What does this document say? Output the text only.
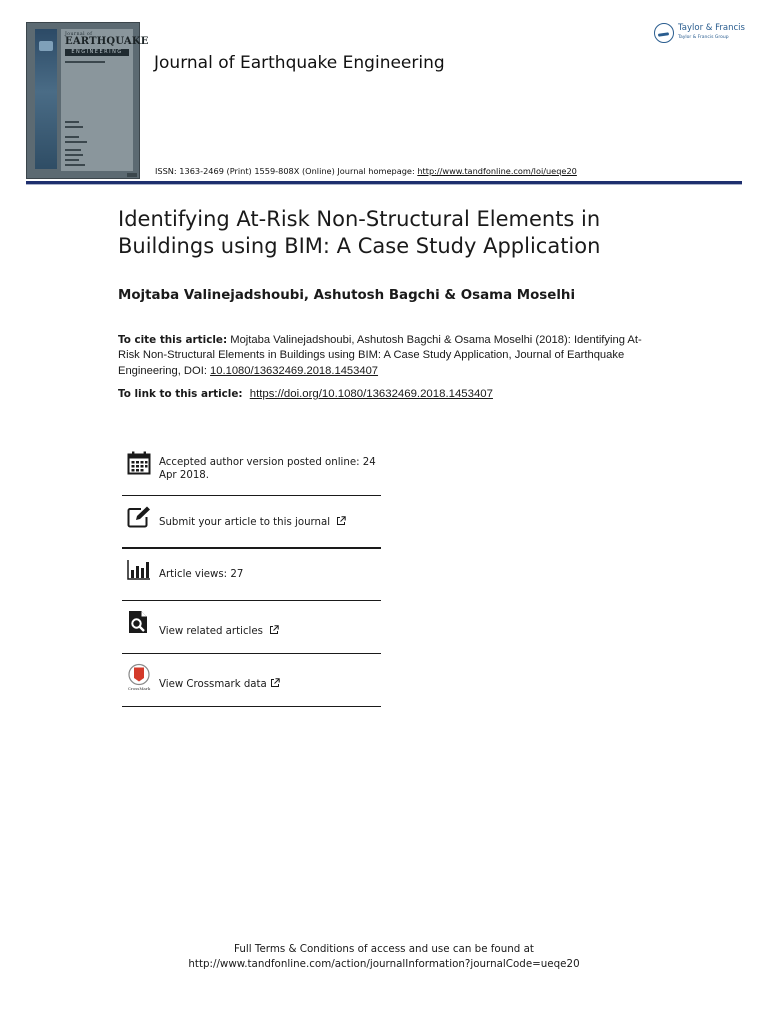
Journal of
EARTHQUAKE
ENGINEERING
Journal of Earthquake Engineering
ISSN: 1363-2469 (Print) 1559-808X (Online) Journal homepage: http://www.tandfonline.com/loi/ueqe20
Taylor & Francis
Taylor & Francis Group
Identifying At-Risk Non-Structural Elements in Buildings using BIM: A Case Study Application
Mojtaba Valinejadshoubi, Ashutosh Bagchi & Osama Moselhi
To cite this article: Mojtaba Valinejadshoubi, Ashutosh Bagchi & Osama Moselhi (2018): Identifying At-Risk Non-Structural Elements in Buildings using BIM: A Case Study Application, Journal of Earthquake Engineering, DOI: 10.1080/13632469.2018.1453407
To link to this article: https://doi.org/10.1080/13632469.2018.1453407
Accepted author version posted online: 24 Apr 2018.
Submit your article to this journal
Article views: 27
View related articles
CrossMark View Crossmark data
Full Terms & Conditions of access and use can be found at
http://www.tandfonline.com/action/journalInformation?journalCode=ueqe20
